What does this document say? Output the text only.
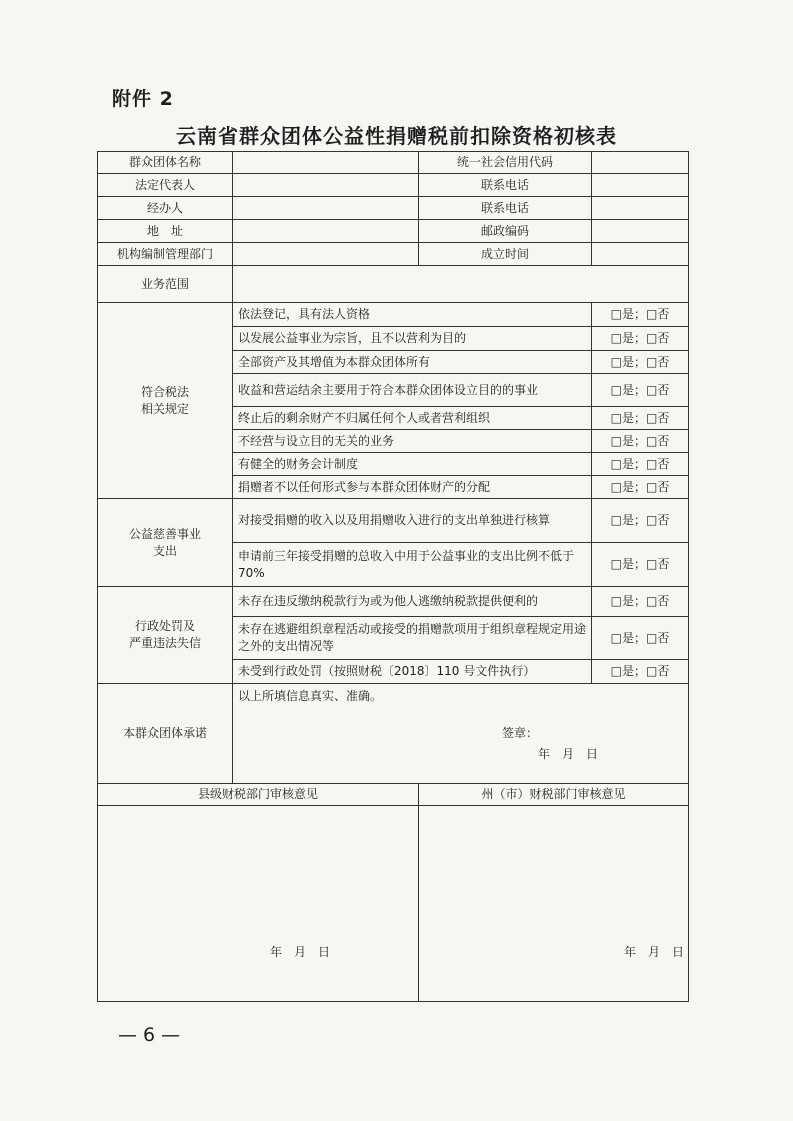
附件 2
云南省群众团体公益性捐赠税前扣除资格初核表
群众团体名称		统一社会信用代码	
法定代表人		联系电话	
经办人		联系电话	
地　址		邮政编码	
机构编制管理部门		成立时间	
业务范围			
符合税法
相关规定	依法登记，具有法人资格		□是；□否
	以发展公益事业为宗旨，且不以营利为目的		□是；□否
	全部资产及其增值为本群众团体所有		□是；□否
	收益和营运结余主要用于符合本群众团体设立目的的事业		□是；□否
	终止后的剩余财产不归属任何个人或者营利组织		□是；□否
	不经营与设立目的无关的业务		□是；□否
	有健全的财务会计制度		□是；□否
	捐赠者不以任何形式参与本群众团体财产的分配		□是；□否
公益慈善事业
支出	对接受捐赠的收入以及用捐赠收入进行的支出单独进行核算		□是；□否
	申请前三年接受捐赠的总收入中用于公益事业的支出比例不低于 70%		□是；□否
行政处罚及
严重违法失信	未存在违反缴纳税款行为或为他人逃缴纳税款提供便利的		□是；□否
	未存在逃避组织章程活动或接受的捐赠款项用于组织章程规定用途之外的支出情况等		□是；□否
	未受到行政处罚（按照财税〔2018〕110 号文件执行）		□是；□否
本群众团体承诺	以上所填信息真实、准确。
签章：
年　月　日		

县级财税部门审核意见		州（市）财税部门审核意见	

年　月　日		年　月　日	
— 6 —
